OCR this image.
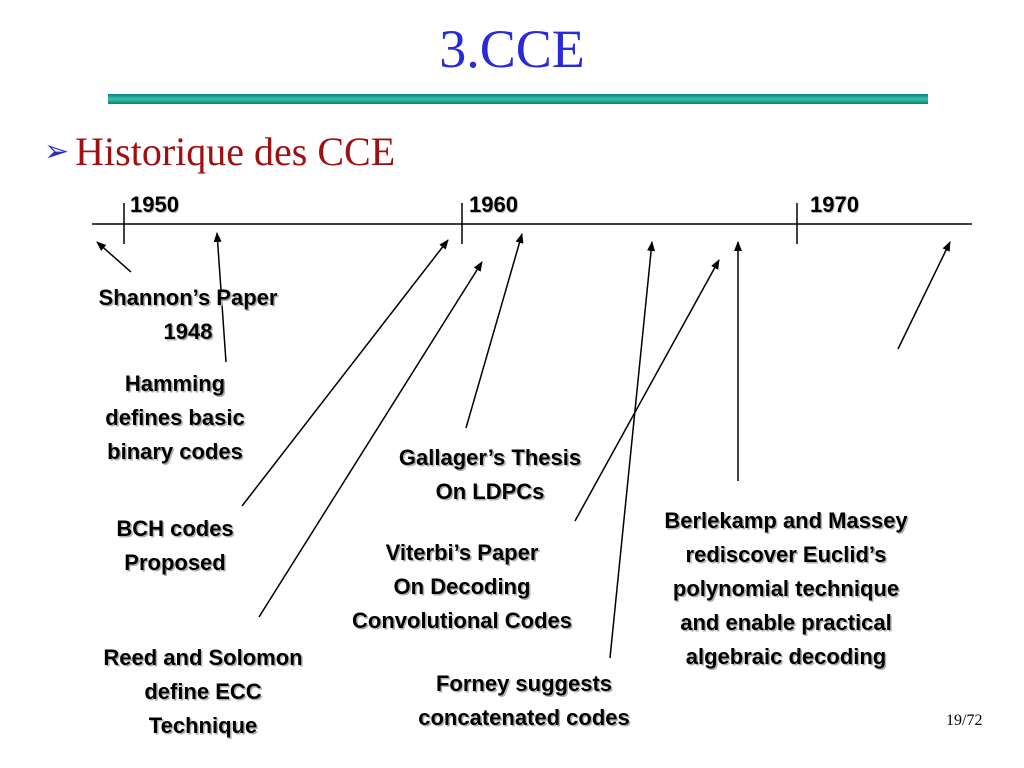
3.CCE
➢ Historique des CCE
1950	1960	1970
Shannon’s Paper
1948
Hamming
defines basic
binary codes
BCH codes
Proposed
Reed and Solomon
define ECC
Technique
Gallager’s Thesis
On LDPCs
Viterbi’s Paper
On Decoding
Convolutional Codes
Forney suggests
concatenated codes
Berlekamp and Massey
rediscover Euclid’s
polynomial technique
and enable practical
algebraic decoding
19/72
